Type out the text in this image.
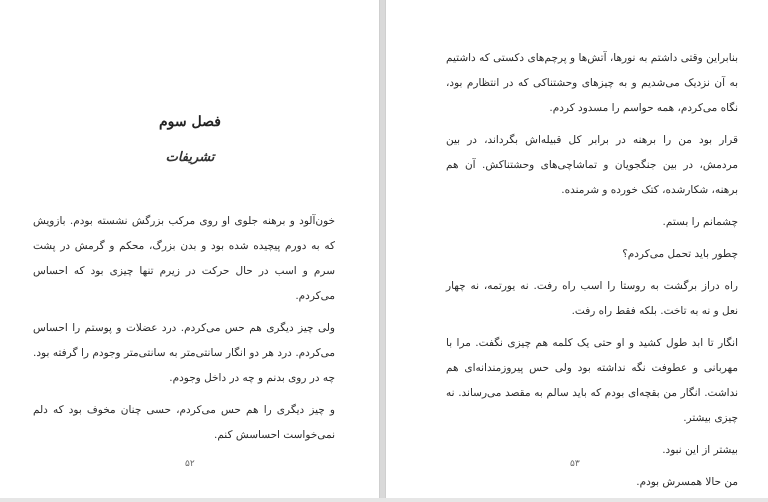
فصل سوم
تشریفات

خون‌آلود و برهنه جلوی او روی مرکب بزرگش نشسته بودم. بازویش که به دورم پیچیده شده بود و بدن بزرگ، محکم و گرمش در پشت سرم و اسب در حال حرکت در زیرم تنها چیزی بود که احساس می‌کردم.

ولی چیز دیگری هم حس می‌کردم. درد عضلات و پوستم را احساس می‌کردم. درد هر دو انگار سانتی‌متر به سانتی‌متر وجودم را گرفته بود. چه در روی بدنم و چه در داخل وجودم.

و چیز دیگری را هم حس می‌کردم، حسی چنان مخوف بود که دلم نمی‌خواست احساسش کنم.

۵۲

بنابراین وقتی داشتم به نورها، آتش‌ها و پرچم‌های دکستی که داشتیم به آن نزدیک می‌شدیم و به چیزهای وحشتناکی که در انتظارم بود، نگاه می‌کردم، همه حواسم را مسدود کردم.

قرار بود من را برهنه در برابر کل قبیله‌اش بگرداند، در بین مردمش، در بین جنگجویان و تماشاچی‌های وحشتناکش. آن هم برهنه، شکارشده، کتک خورده و شرمنده.

چشمانم را بستم.

چطور باید تحمل می‌کردم؟

راه دراز برگشت به روستا را اسب راه رفت. نه یورتمه، نه چهار نعل و نه به تاخت. بلکه فقط راه رفت.

انگار تا ابد طول کشید و او حتی یک کلمه هم چیزی نگفت. مرا با مهربانی و عطوفت نگه نداشته بود ولی حس پیروزمندانه‌ای هم نداشت. انگار من بقچه‌ای بودم که باید سالم به مقصد می‌رساند. نه چیزی بیشتر.

بیشتر از این نبود.

من حالا همسرش بودم.

۵۳
